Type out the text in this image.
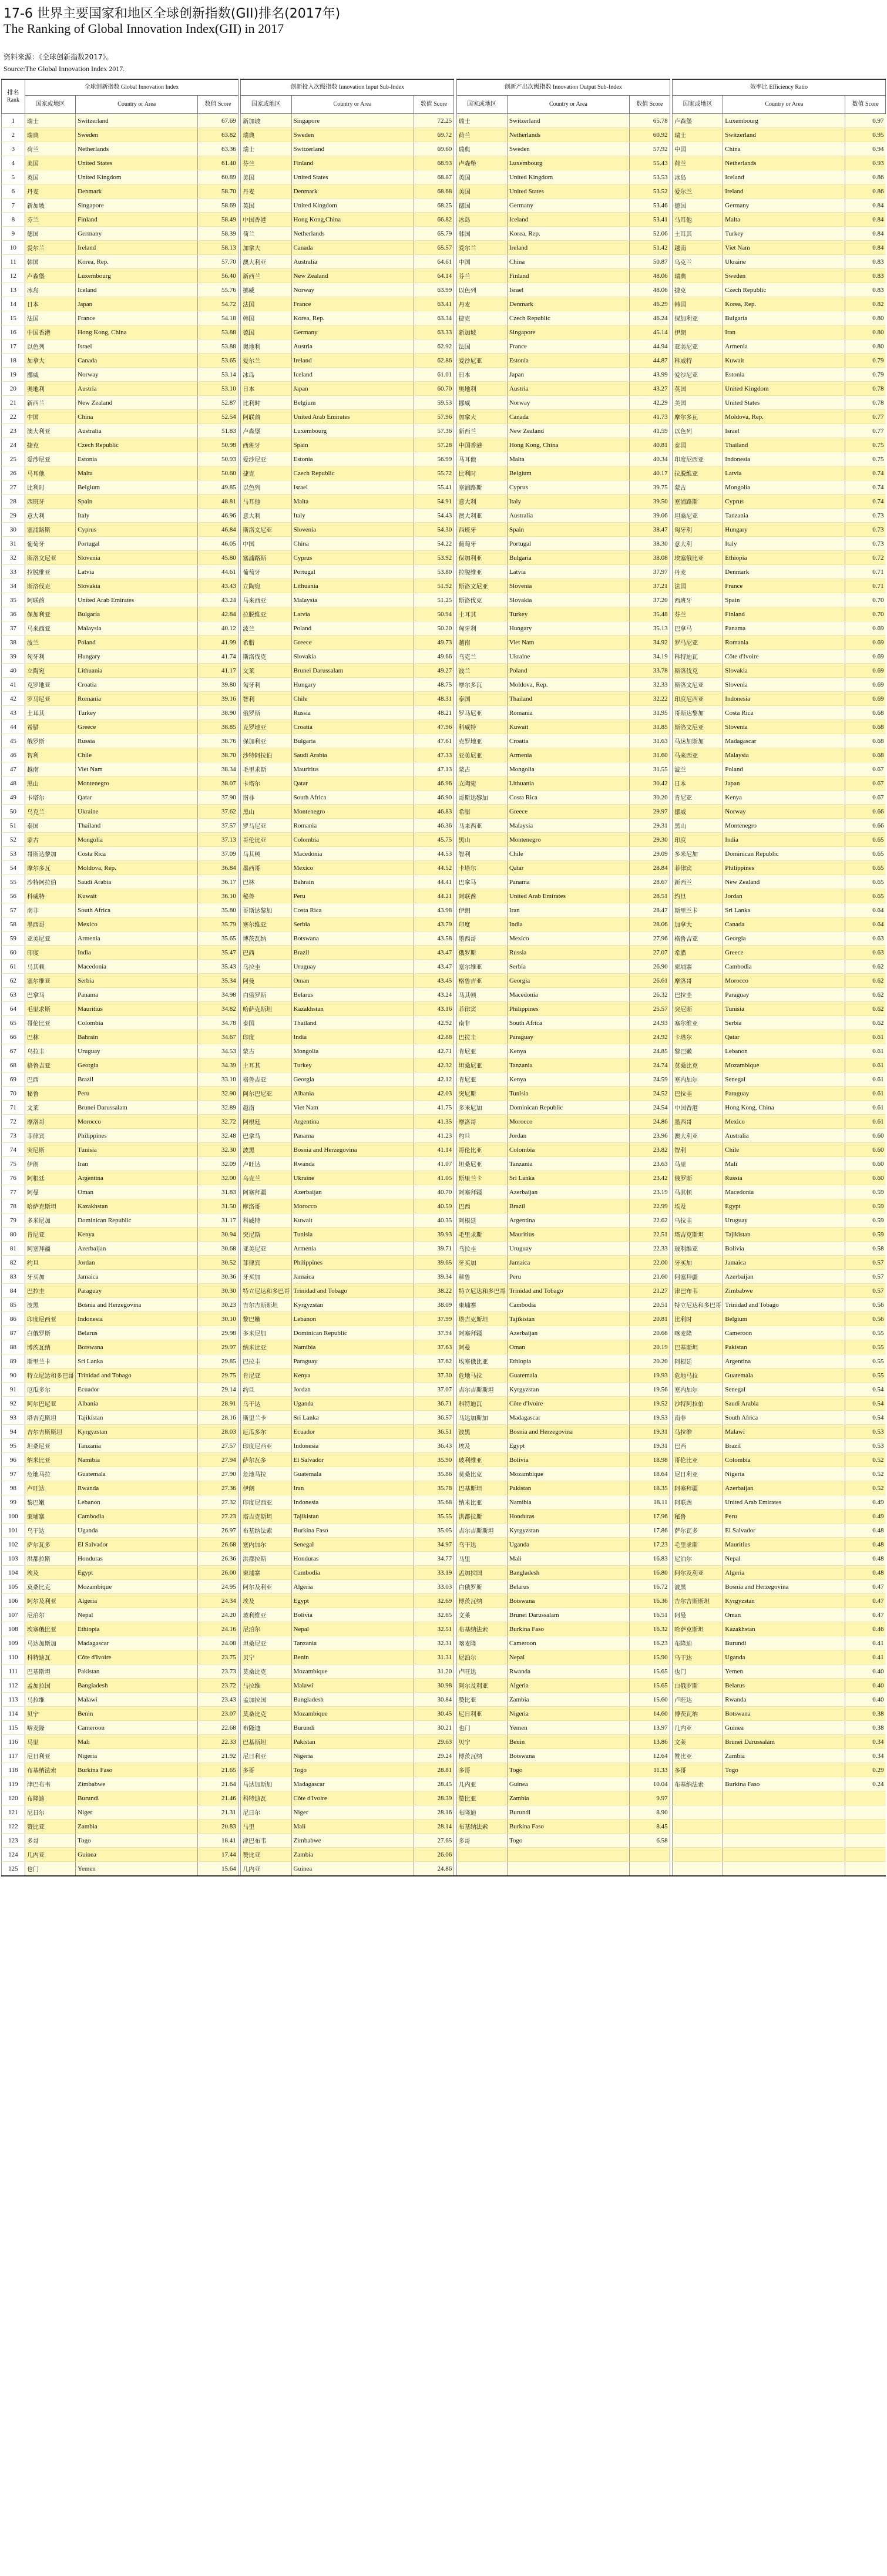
17-6 世界主要国家和地区全球创新指数(GII)排名(2017年)
The Ranking of Global Innovation Index(GII) in 2017
资料来源：《全球创新指数2017》。
Source:The Global Innovation Index 2017.
排名 Rank	全球创新指数 Global Innovation Index				创新投入次级指数 Innovation Input Sub-Index				创新产出次级指数 Innovation Output Sub-Index				效率比 Efficiency Ratio		
	国家或地区	Country or Area	数值 Score		国家或地区	Country or Area	数值 Score		国家或地区	Country or Area	数值 Score		国家或地区	Country or Area	数值 Score
1	瑞士	Switzerland	67.69		新加坡	Singapore	72.25		瑞士	Switzerland	65.78		卢森堡	Luxembourg	0.97
2	瑞典	Sweden	63.82		瑞典	Sweden	69.72		荷兰	Netherlands	60.92		瑞士	Switzerland	0.95
3	荷兰	Netherlands	63.36		瑞士	Switzerland	69.60		瑞典	Sweden	57.92		中国	China	0.94
4	美国	United States	61.40		芬兰	Finland	68.93		卢森堡	Luxembourg	55.43		荷兰	Netherlands	0.93
5	英国	United Kingdom	60.89		美国	United States	68.87		英国	United Kingdom	53.53		冰岛	Iceland	0.86
6	丹麦	Denmark	58.70		丹麦	Denmark	68.68		美国	United States	53.52		爱尔兰	Ireland	0.86
7	新加坡	Singapore	58.69		英国	United Kingdom	68.25		德国	Germany	53.46		德国	Germany	0.84
8	芬兰	Finland	58.49		中国香港	Hong Kong,China	66.82		冰岛	Iceland	53.41		马耳他	Malta	0.84
9	德国	Germany	58.39		荷兰	Netherlands	65.79		韩国	Korea, Rep.	52.06		土耳其	Turkey	0.84
10	爱尔兰	Ireland	58.13		加拿大	Canada	65.57		爱尔兰	Ireland	51.42		越南	Viet Nam	0.84
11	韩国	Korea, Rep.	57.70		澳大利亚	Australia	64.61		中国	China	50.87		乌克兰	Ukraine	0.83
12	卢森堡	Luxembourg	56.40		新西兰	New Zealand	64.14		芬兰	Finland	48.06		瑞典	Sweden	0.83
13	冰岛	Iceland	55.76		挪威	Norway	63.99		以色列	Israel	48.06		捷克	Czech Republic	0.83
14	日本	Japan	54.72		法国	France	63.41		丹麦	Denmark	46.29		韩国	Korea, Rep.	0.82
15	法国	France	54.18		韩国	Korea, Rep.	63.34		捷克	Czech Republic	46.24		保加利亚	Bulgaria	0.80
16	中国香港	Hong Kong, China	53.88		德国	Germany	63.33		新加坡	Singapore	45.14		伊朗	Iran	0.80
17	以色列	Israel	53.88		奥地利	Austria	62.92		法国	France	44.94		亚美尼亚	Armenia	0.80
18	加拿大	Canada	53.65		爱尔兰	Ireland	62.86		爱沙尼亚	Estonia	44.87		科威特	Kuwait	0.79
19	挪威	Norway	53.14		冰岛	Iceland	61.01		日本	Japan	43.99		爱沙尼亚	Estonia	0.79
20	奥地利	Austria	53.10		日本	Japan	60.70		奥地利	Austria	43.27		英国	United Kingdom	0.78
21	新西兰	New Zealand	52.87		比利时	Belgium	59.53		挪威	Norway	42.29		美国	United States	0.78
22	中国	China	52.54		阿联酋	United Arab Emirates	57.96		加拿大	Canada	41.73		摩尔多瓦	Moldova, Rep.	0.77
23	澳大利亚	Australia	51.83		卢森堡	Luxembourg	57.36		新西兰	New Zealand	41.59		以色列	Israel	0.77
24	捷克	Czech Republic	50.98		西班牙	Spain	57.28		中国香港	Hong Kong, China	40.81		泰国	Thailand	0.75
25	爱沙尼亚	Estonia	50.93		爱沙尼亚	Estonia	56.99		马耳他	Malta	40.34		印度尼西亚	Indonesia	0.75
26	马耳他	Malta	50.60		捷克	Czech Republic	55.72		比利时	Belgium	40.17		拉脱维亚	Latvia	0.74
27	比利时	Belgium	49.85		以色列	Israel	55.41		塞浦路斯	Cyprus	39.75		蒙古	Mongolia	0.74
28	西班牙	Spain	48.81		马耳他	Malta	54.91		意大利	Italy	39.50		塞浦路斯	Cyprus	0.74
29	意大利	Italy	46.96		意大利	Italy	54.43		澳大利亚	Australia	39.06		坦桑尼亚	Tanzania	0.73
30	塞浦路斯	Cyprus	46.84		斯洛文尼亚	Slovenia	54.30		西班牙	Spain	38.47		匈牙利	Hungary	0.73
31	葡萄牙	Portugal	46.05		中国	China	54.22		葡萄牙	Portugal	38.30		意大利	Italy	0.73
32	斯洛文尼亚	Slovenia	45.80		塞浦路斯	Cyprus	53.92		保加利亚	Bulgaria	38.08		埃塞俄比亚	Ethiopia	0.72
33	拉脱维亚	Latvia	44.61		葡萄牙	Portugal	53.80		拉脱维亚	Latvia	37.97		丹麦	Denmark	0.71
34	斯洛伐克	Slovakia	43.43		立陶宛	Lithuania	51.92		斯洛文尼亚	Slovenia	37.21		法国	France	0.71
35	阿联酋	United Arab Emirates	43.24		马来西亚	Malaysia	51.25		斯洛伐克	Slovakia	37.20		西班牙	Spain	0.70
36	保加利亚	Bulgaria	42.84		拉脱维亚	Latvia	50.94		土耳其	Turkey	35.48		芬兰	Finland	0.70
37	马来西亚	Malaysia	40.12		波兰	Poland	50.20		匈牙利	Hungary	35.13		巴拿马	Panama	0.69
38	波兰	Poland	41.99		希腊	Greece	49.73		越南	Viet Nam	34.92		罗马尼亚	Romania	0.69
39	匈牙利	Hungary	41.74		斯洛伐克	Slovakia	49.66		乌克兰	Ukraine	34.19		科特迪瓦	Côte d'Ivoire	0.69
40	立陶宛	Lithuania	41.17		文莱	Brunei Darussalam	49.27		波兰	Poland	33.78		斯洛伐克	Slovakia	0.69
41	克罗地亚	Croatia	39.80		匈牙利	Hungary	48.75		摩尔多瓦	Moldova, Rep.	32.33		斯洛文尼亚	Slovenia	0.69
42	罗马尼亚	Romania	39.16		智利	Chile	48.31		泰国	Thailand	32.22		印度尼西亚	Indonesia	0.69
43	土耳其	Turkey	38.90		俄罗斯	Russia	48.21		罗马尼亚	Romania	31.95		哥斯达黎加	Costa Rica	0.68
44	希腊	Greece	38.85		克罗地亚	Croatia	47.96		科威特	Kuwait	31.85		斯洛文尼亚	Slovenia	0.68
45	俄罗斯	Russia	38.76		保加利亚	Bulgaria	47.61		克罗地亚	Croatia	31.63		马达加斯加	Madagascar	0.68
46	智利	Chile	38.70		沙特阿拉伯	Saudi Arabia	47.33		亚美尼亚	Armenia	31.60		马来西亚	Malaysia	0.68
47	越南	Viet Nam	38.34		毛里求斯	Mauritius	47.13		蒙古	Mongolia	31.55		波兰	Poland	0.67
48	黑山	Montenegro	38.07		卡塔尔	Qatar	46.96		立陶宛	Lithuania	30.42		日本	Japan	0.67
49	卡塔尔	Qatar	37.90		南非	South Africa	46.90		哥斯达黎加	Costa Rica	30.20		肯尼亚	Kenya	0.67
50	乌克兰	Ukraine	37.62		黑山	Montenegro	46.83		希腊	Greece	29.97		挪威	Norway	0.66
51	泰国	Thailand	37.57		罗马尼亚	Romania	46.36		马来西亚	Malaysia	29.31		黑山	Montenegro	0.66
52	蒙古	Mongolia	37.13		哥伦比亚	Colombia	45.75		黑山	Montenegro	29.30		印度	India	0.65
53	哥斯达黎加	Costa Rica	37.09		马其顿	Macedonia	44.53		智利	Chile	29.09		多米尼加	Dominican Republic	0.65
54	摩尔多瓦	Moldova, Rep.	36.84		墨西哥	Mexico	44.52		卡塔尔	Qatar	28.84		菲律宾	Philippines	0.65
55	沙特阿拉伯	Saudi Arabia	36.17		巴林	Bahrain	44.41		巴拿马	Panama	28.67		新西兰	New Zealand	0.65
56	科威特	Kuwait	36.10		秘鲁	Peru	44.21		阿联酋	United Arab Emirates	28.51		约旦	Jordan	0.65
57	南非	South Africa	35.80		哥斯达黎加	Costa Rica	43.98		伊朗	Iran	28.47		斯里兰卡	Sri Lanka	0.64
58	墨西哥	Mexico	35.79		塞尔维亚	Serbia	43.79		印度	India	28.06		加拿大	Canada	0.64
59	亚美尼亚	Armenia	35.65		博茨瓦纳	Botswana	43.58		墨西哥	Mexico	27.96		格鲁吉亚	Georgia	0.63
60	印度	India	35.47		巴西	Brazil	43.47		俄罗斯	Russia	27.07		希腊	Greece	0.63
61	马其顿	Macedonia	35.43		乌拉圭	Uruguay	43.47		塞尔维亚	Serbia	26.90		柬埔寨	Cambodia	0.62
62	塞尔维亚	Serbia	35.34		阿曼	Oman	43.45		格鲁吉亚	Georgia	26.61		摩洛哥	Morocco	0.62
63	巴拿马	Panama	34.98		白俄罗斯	Belarus	43.24		马其顿	Macedonia	26.32		巴拉圭	Paraguay	0.62
64	毛里求斯	Mauritius	34.82		哈萨克斯坦	Kazakhstan	43.16		菲律宾	Philippines	25.57		突尼斯	Tunisia	0.62
65	哥伦比亚	Colombia	34.78		泰国	Thailand	42.92		南非	South Africa	24.93		塞尔维亚	Serbia	0.62
66	巴林	Bahrain	34.67		印度	India	42.88		巴拉圭	Paraguay	24.92		卡塔尔	Qatar	0.61
67	乌拉圭	Uruguay	34.53		蒙古	Mongolia	42.71		肯尼亚	Kenya	24.85		黎巴嫩	Lebanon	0.61
68	格鲁吉亚	Georgia	34.39		土耳其	Turkey	42.32		坦桑尼亚	Tanzania	24.74		莫桑比克	Mozambique	0.61
69	巴西	Brazil	33.10		格鲁吉亚	Georgia	42.12		肯尼亚	Kenya	24.59		塞内加尔	Senegal	0.61
70	秘鲁	Peru	32.90		阿尔巴尼亚	Albania	42.03		突尼斯	Tunisia	24.52		巴拉圭	Paraguay	0.61
71	文莱	Brunei Darussalam	32.89		越南	Viet Nam	41.75		多米尼加	Dominican Republic	24.54		中国香港	Hong Kong, China	0.61
72	摩洛哥	Morocco	32.72		阿根廷	Argentina	41.35		摩洛哥	Morocco	24.86		墨西哥	Mexico	0.61
73	菲律宾	Philippines	32.48		巴拿马	Panama	41.23		约旦	Jordan	23.96		澳大利亚	Australia	0.60
74	突尼斯	Tunisia	32.30		波黑	Bosnia and Herzegovina	41.14		哥伦比亚	Colombia	23.82		智利	Chile	0.60
75	伊朗	Iran	32.09		卢旺达	Rwanda	41.07		坦桑尼亚	Tanzania	23.63		马里	Mali	0.60
76	阿根廷	Argentina	32.00		乌克兰	Ukraine	41.05		斯里兰卡	Sri Lanka	23.42		俄罗斯	Russia	0.60
77	阿曼	Oman	31.83		阿塞拜疆	Azerbaijan	40.70		阿塞拜疆	Azerbaijan	23.19		马其顿	Macedonia	0.59
78	哈萨克斯坦	Kazakhstan	31.50		摩洛哥	Morocco	40.59		巴西	Brazil	22.99		埃及	Egypt	0.59
79	多米尼加	Dominican Republic	31.17		科威特	Kuwait	40.35		阿根廷	Argentina	22.62		乌拉圭	Uruguay	0.59
80	肯尼亚	Kenya	30.94		突尼斯	Tunisia	39.93		毛里求斯	Mauritius	22.51		塔吉克斯坦	Tajikistan	0.59
81	阿塞拜疆	Azerbaijan	30.68		亚美尼亚	Armenia	39.71		乌拉圭	Uruguay	22.33		玻利维亚	Bolivia	0.58
82	约旦	Jordan	30.52		菲律宾	Philippines	39.65		牙买加	Jamaica	22.00		牙买加	Jamaica	0.57
83	牙买加	Jamaica	30.36		牙买加	Jamaica	39.34		秘鲁	Peru	21.60		阿塞拜疆	Azerbaijan	0.57
84	巴拉圭	Paraguay	30.30		特立尼达和多巴哥	Trinidad and Tobago	38.22		特立尼达和多巴哥	Trinidad and Tobago	21.27		津巴布韦	Zimbabwe	0.57
85	波黑	Bosnia and Herzegovina	30.23		吉尔吉斯斯坦	Kyrgyzstan	38.09		柬埔寨	Cambodia	20.51		特立尼达和多巴哥	Trinidad and Tobago	0.56
86	印度尼西亚	Indonesia	30.10		黎巴嫩	Lebanon	37.99		塔吉克斯坦	Tajikistan	20.81		比利时	Belgium	0.56
87	白俄罗斯	Belarus	29.98		多米尼加	Dominican Republic	37.94		阿塞拜疆	Azerbaijan	20.66		喀麦隆	Cameroon	0.55
88	博茨瓦纳	Botswana	29.97		纳米比亚	Namibia	37.63		阿曼	Oman	20.19		巴基斯坦	Pakistan	0.55
89	斯里兰卡	Sri Lanka	29.85		巴拉圭	Paraguay	37.62		埃塞俄比亚	Ethiopia	20.20		阿根廷	Argentina	0.55
90	特立尼达和多巴哥	Trinidad and Tobago	29.75		肯尼亚	Kenya	37.30		危地马拉	Guatemala	19.93		危地马拉	Guatemala	0.55
91	厄瓜多尔	Ecuador	29.14		约旦	Jordan	37.07		吉尔吉斯斯坦	Kyrgyzstan	19.56		塞内加尔	Senegal	0.54
92	阿尔巴尼亚	Albania	28.91		乌干达	Uganda	36.71		科特迪瓦	Côte d'Ivoire	19.52		沙特阿拉伯	Saudi Arabia	0.54
93	塔吉克斯坦	Tajikistan	28.16		斯里兰卡	Sri Lanka	36.57		马达加斯加	Madagascar	19.53		南非	South Africa	0.54
94	吉尔吉斯斯坦	Kyrgyzstan	28.03		厄瓜多尔	Ecuador	36.51		波黑	Bosnia and Herzegovina	19.31		马拉维	Malawi	0.53
95	坦桑尼亚	Tanzania	27.57		印度尼西亚	Indonesia	36.43		埃及	Egypt	19.31		巴西	Brazil	0.53
96	纳米比亚	Namibia	27.94		萨尔瓦多	El Salvador	35.90		玻利维亚	Bolivia	18.98		哥伦比亚	Colombia	0.52
97	危地马拉	Guatemala	27.90		危地马拉	Guatemala	35.86		莫桑比克	Mozambique	18.64		尼日利亚	Nigeria	0.52
98	卢旺达	Rwanda	27.36		伊朗	Iran	35.78		巴基斯坦	Pakistan	18.35		阿塞拜疆	Azerbaijan	0.52
99	黎巴嫩	Lebanon	27.32		印度尼西亚	Indonesia	35.68		纳米比亚	Namibia	18.11		阿联酋	United Arab Emirates	0.49
100	柬埔寨	Cambodia	27.23		塔吉克斯坦	Tajikistan	35.55		洪都拉斯	Honduras	17.96		秘鲁	Peru	0.49
101	乌干达	Uganda	26.97		布基纳法索	Burkina Faso	35.05		吉尔吉斯斯坦	Kyrgyzstan	17.86		萨尔瓦多	El Salvador	0.48
102	萨尔瓦多	El Salvador	26.68		塞内加尔	Senegal	34.97		乌干达	Uganda	17.23		毛里求斯	Mauritius	0.48
103	洪都拉斯	Honduras	26.36		洪都拉斯	Honduras	34.77		马里	Mali	16.83		尼泊尔	Nepal	0.48
104	埃及	Egypt	26.00		柬埔寨	Cambodia	33.19		孟加拉国	Bangladesh	16.80		阿尔及利亚	Algeria	0.48
105	莫桑比克	Mozambique	24.95		阿尔及利亚	Algeria	33.03		白俄罗斯	Belarus	16.72		波黑	Bosnia and Herzegovina	0.47
106	阿尔及利亚	Algeria	24.34		埃及	Egypt	32.69		博茨瓦纳	Botswana	16.36		吉尔吉斯斯坦	Kyrgyzstan	0.47
107	尼泊尔	Nepal	24.20		玻利维亚	Bolivia	32.65		文莱	Brunei Darussalam	16.51		阿曼	Oman	0.47
108	埃塞俄比亚	Ethiopia	24.16		尼泊尔	Nepal	32.51		布基纳法索	Burkina Faso	16.32		哈萨克斯坦	Kazakhstan	0.46
109	马达加斯加	Madagascar	24.08		坦桑尼亚	Tanzania	32.31		喀麦隆	Cameroon	16.23		布隆迪	Burundi	0.41
110	科特迪瓦	Côte d'Ivoire	23.75		贝宁	Benin	31.31		尼泊尔	Nepal	15.90		乌干达	Uganda	0.41
111	巴基斯坦	Pakistan	23.73		莫桑比克	Mozambique	31.20		卢旺达	Rwanda	15.65		也门	Yemen	0.40
112	孟加拉国	Bangladesh	23.72		马拉维	Malawi	30.98		阿尔及利亚	Algeria	15.65		白俄罗斯	Belarus	0.40
113	马拉维	Malawi	23.43		孟加拉国	Bangladesh	30.84		赞比亚	Zambia	15.60		卢旺达	Rwanda	0.40
114	贝宁	Benin	23.07		莫桑比克	Mozambique	30.45		尼日利亚	Nigeria	14.60		博茨瓦纳	Botswana	0.38
115	喀麦隆	Cameroon	22.68		布隆迪	Burundi	30.21		也门	Yemen	13.97		几内亚	Guinea	0.38
116	马里	Mali	22.33		巴基斯坦	Pakistan	29.63		贝宁	Benin	13.86		文莱	Brunei Darussalam	0.34
117	尼日利亚	Nigeria	21.92		尼日利亚	Nigeria	29.24		博茨瓦纳	Botswana	12.64		赞比亚	Zambia	0.34
118	布基纳法索	Burkina Faso	21.65		多哥	Togo	28.81		多哥	Togo	11.33		多哥	Togo	0.29
119	津巴布韦	Zimbabwe	21.64		马达加斯加	Madagascar	28.45		几内亚	Guinea	10.04		布基纳法索	Burkina Faso	0.24
120	布隆迪	Burundi	21.46		科特迪瓦	Côte d'Ivoire	28.39		赞比亚	Zambia	9.97				
121	尼日尔	Niger	21.31		尼日尔	Niger	28.16		布隆迪	Burundi	8.90				
122	赞比亚	Zambia	20.83		马里	Mali	28.14		布基纳法索	Burkina Faso	8.45				
123	多哥	Togo	18.41		津巴布韦	Zimbabwe	27.65		多哥	Togo	6.58				
124	几内亚	Guinea	17.44		赞比亚	Zambia	26.06								
125	也门	Yemen	15.64		几内亚	Guinea	24.86								
